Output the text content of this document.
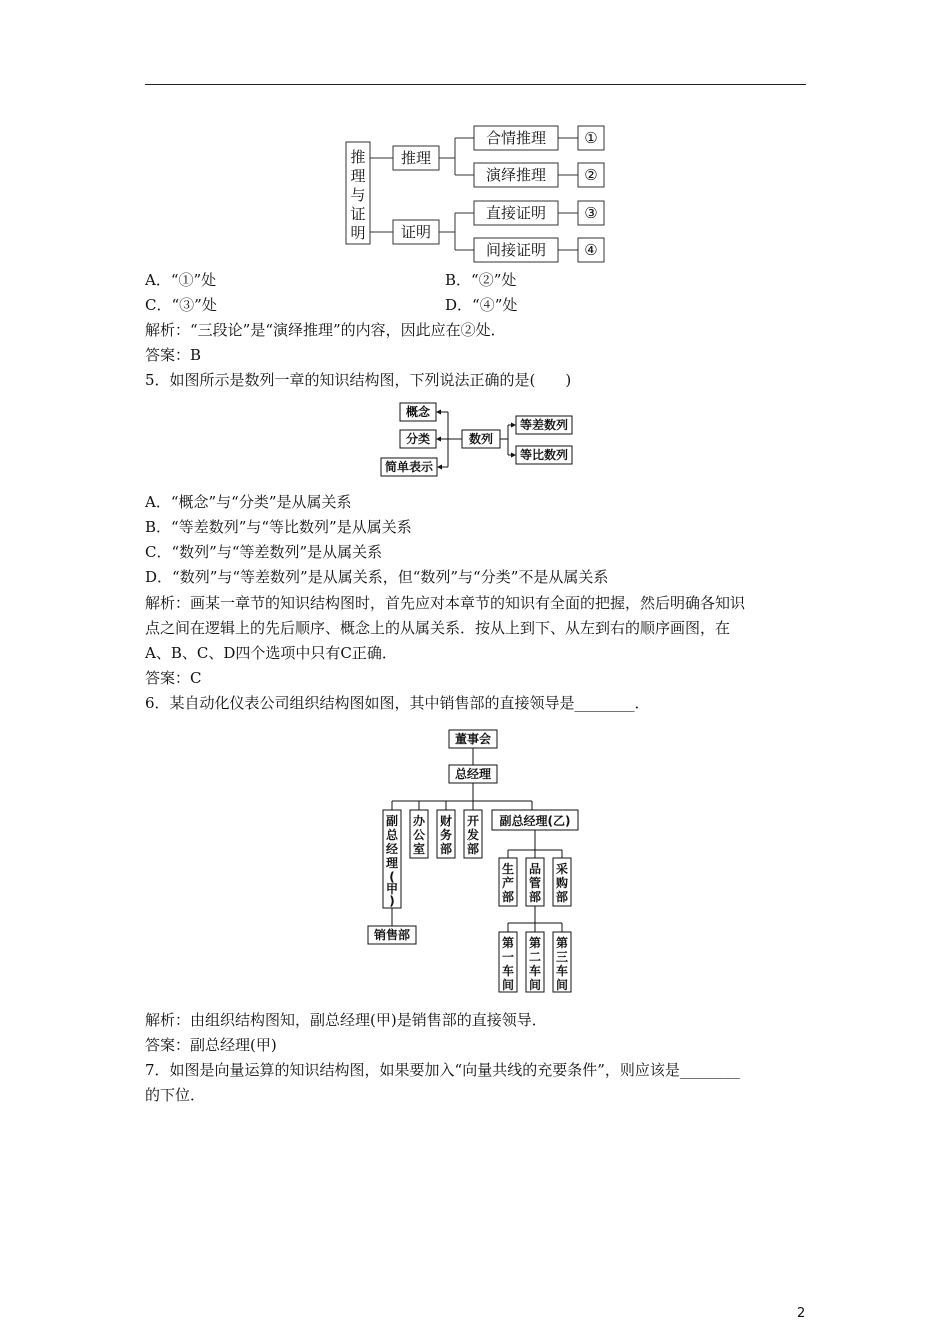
推
理
与
证
明
推理
证明
合情推理
演绎推理
直接证明
间接证明
①
②
③
④
A．“①”处	B．“②”处
C．“③”处	D．“④”处
解析：“三段论”是“演绎推理”的内容，因此应在②处．
答案：B
5．如图所示是数列一章的知识结构图，下列说法正确的是(　　)
概念
分类
简单表示
数列
等差数列
等比数列
A．“概念”与“分类”是从属关系
B．“等差数列”与“等比数列”是从属关系
C．“数列”与“等差数列”是从属关系
D．“数列”与“等差数列”是从属关系，但“数列”与“分类”不是从属关系
解析：画某一章节的知识结构图时，首先应对本章节的知识有全面的把握，然后明确各知识
点之间在逻辑上的先后顺序、概念上的从属关系．按从上到下、从左到右的顺序画图，在
A、B、C、D四个选项中只有C正确．
答案：C
6．某自动化仪表公司组织结构图如图，其中销售部的直接领导是________．
董事会
总经理
副总经理(乙)
销售部
副
总
经
理
(
甲
)
办
公
室
财
务
部
开
发
部
生
产
部
品
管
部
采
购
部
第
一
车
间
第
二
车
间
第
三
车
间
解析：由组织结构图知，副总经理(甲)是销售部的直接领导．
答案：副总经理(甲)
7．如图是向量运算的知识结构图，如果要加入“向量共线的充要条件”，则应该是________
的下位．
2
